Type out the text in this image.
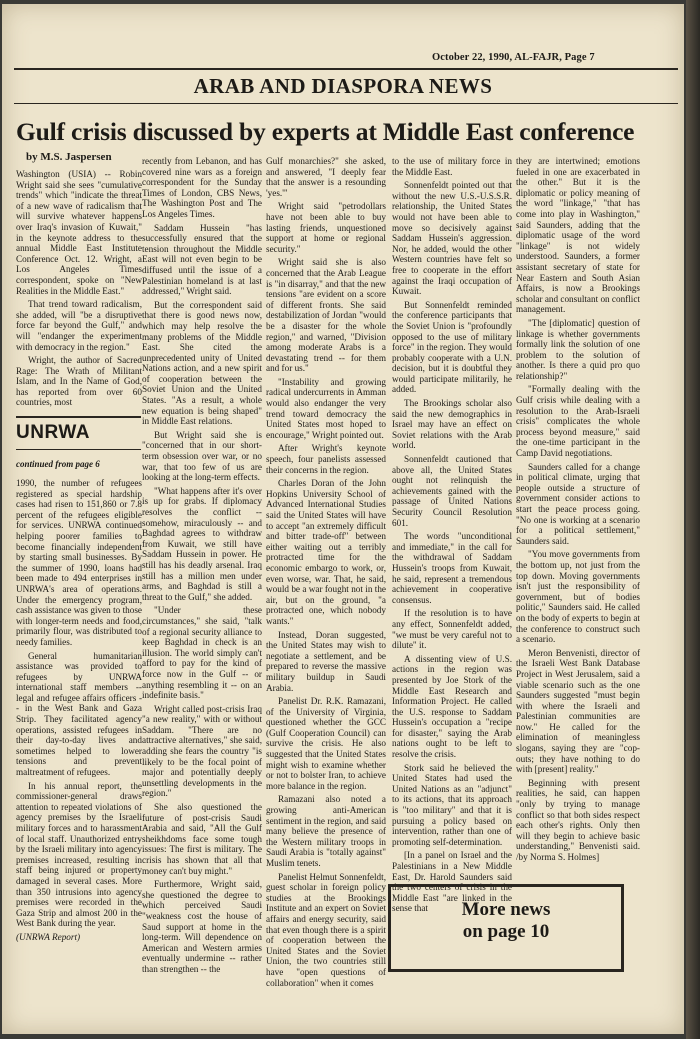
October 22, 1990, AL-FAJR, Page 7
ARAB AND DIASPORA NEWS
Gulf crisis discussed by experts at Middle East conference
by M.S. Jaspersen

Washington (USIA) -- Robin Wright said she sees "cumulative trends" which "indicate the threat of a new wave of radicalism that will survive whatever happens over Iraq's invasion of Kuwait," in the keynote address to the annual Middle East Institute Conference Oct. 12. Wright, a Los Angeles Times correspondent, spoke on "New Realities in the Middle East."

That trend toward radicalism, she added, will "be a disruptive force far beyond the Gulf," and will "endanger the experiment with democracy in the region."

Wright, the author of Sacred Rage: The Wrath of Militant Islam, and In the Name of God, has reported from over 60 countries, most

UNRWA
continued from page 6

1990, the number of refugees registered as special hardship cases had risen to 151,860 or 7.8 percent of the refugees eligible for services. UNRWA continued helping poorer families to become financially independent by starting small businesses. By the summer of 1990, loans had been made to 494 enterprises in UNRWA's area of operations. Under the emergency program, cash assistance was given to those with longer-term needs and food, primarily flour, was distributed to needy families.

General humanitarian assistance was provided to refugees by UNRWA international staff members -- legal and refugee affairs officers -- in the West Bank and Gaza Strip. They facilitated agency operations, assisted refugees in their day-to-day lives and sometimes helped to lower tensions and prevent maltreatment of refugees.

In his annual report, the commissioner-general draws attention to repeated violations of agency premises by the Israeli military forces and to harassment of local staff. Unauthorized entry by the Israeli military into agency premises increased, resulting in staff being injured or property damaged in several cases. More than 350 intrusions into agency premises were recorded in the Gaza Strip and almost 200 in the West Bank during the year.

(UNRWA Report)

recently from Lebanon, and has covered nine wars as a foreign correspondent for the Sunday Times of London, CBS News, The Washington Post and The Los Angeles Times.

Saddam Hussein "has successfully ensured that the tension throughout the Middle East will not even begin to be diffused until the issue of a Palestinian homeland is at last addressed," Wright said.

But the correspondent said that there is good news now, which may help resolve the many problems of the Middle East. She cited the unprecedented unity of United Nations action, and a new spirit of cooperation between the Soviet Union and the United States. "As a result, a whole new equation is being shaped" in Middle East relations.

But Wright said she is "concerned that in our short-term obsession over war, or no war, that too few of us are looking at the long-term effects.

"What happens after it's over is up for grabs. If diplomacy resolves the conflict -- somehow, miraculously -- and Baghdad agrees to withdraw from Kuwait, we still have Saddam Hussein in power. He still has his deadly arsenal. Iraq still has a million men under arms, and Baghdad is still a threat to the Gulf," she added.

"Under these circumstances," she said, "talk of a regional security alliance to keep Baghdad in check is an illusion. The world simply can't afford to pay for the kind of force now in the Gulf -- or anything resembling it -- on an indefinite basis."

Wright called post-crisis Iraq "a new reality," with or without Saddam. "There are no attractive alternatives," she said, adding she fears the country "is likely to be the focal point of major and potentially deeply unsettling developments in the region."

She also questioned the future of post-crisis Saudi Arabia and said, "All the Gulf sheikhdoms face some tough issues: The first is military. The crisis has shown that all that money can't buy might."

Furthermore, Wright said, she questioned the degree to which perceived Saudi "weakness cost the house of Saud support at home in the long-term. Will dependence on American and Western armies eventually undermine -- rather than strengthen -- the

Gulf monarchies?" she asked, and answered, "I deeply fear that the answer is a resounding 'yes.'"

Wright said "petrodollars have not been able to buy lasting friends, unquestioned support at home or regional security."

Wright said she is also concerned that the Arab League is "in disarray," and that the new tensions "are evident on a score of different fronts. She said destabilization of Jordan "would be a disaster for the whole region," and warned, "Division among moderate Arabs is a devastating trend -- for them and for us."

"Instability and growing radical undercurrents in Amman would also endanger the very trend toward democracy the United States most hoped to encourage," Wright pointed out.

After Wright's keynote speech, four panelists assessed their concerns in the region.

Charles Doran of the John Hopkins University School of Advanced International Studies said the United States will have to accept "an extremely difficult and bitter trade-off" between either waiting out a terribly protracted time for the economic embargo to work, or, even worse, war. That, he said, would be a war fought not in the air, but on the ground, "a protracted one, which nobody wants."

Instead, Doran suggested, the United States may wish to negotiate a settlement, and be prepared to reverse the massive military buildup in Saudi Arabia.

Panelist Dr. R.K. Ramazani, of the University of Virginia, questioned whether the GCC (Gulf Cooperation Council) can survive the crisis. He also suggested that the United States might wish to examine whether or not to bolster Iran, to achieve more balance in the region.

Ramazani also noted a growing anti-American sentiment in the region, and said many believe the presence of the Western military troops in Saudi Arabia is "totally against" Muslim tenets.

Panelist Helmut Sonnenfeldt, guest scholar in foreign policy studies at the Brookings Institute and an expert on Soviet affairs and energy security, said that even though there is a spirit of cooperation between the United States and the Soviet Union, the two countries still have "open questions of collaboration" when it comes

to the use of military force in the Middle East.

Sonnenfeldt pointed out that without the new U.S.-U.S.S.R. relationship, the United States would not have been able to move so decisively against Saddam Hussein's aggression. Nor, he added, would the other Western countries have felt so free to cooperate in the effort against the Iraqi occupation of Kuwait.

But Sonnenfeldt reminded the conference participants that the Soviet Union is "profoundly opposed to the use of military force" in the region. They would probably cooperate with a U.N. decision, but it is doubtful they would participate militarily, he added.

The Brookings scholar also said the new demographics in Israel may have an effect on Soviet relations with the Arab world.

Sonnenfeldt cautioned that above all, the United States ought not relinquish the achievements gained with the passage of United Nations Security Council Resolution 601.

The words "unconditional and immediate," in the call for the withdrawal of Saddam Hussein's troops from Kuwait, he said, represent a tremendous achievement in cooperative consensus.

If the resolution is to have any effect, Sonnenfeldt added, "we must be very careful not to dilute" it.

A dissenting view of U.S. actions in the region was presented by Joe Stork of the Middle East Research and Information Project. He called the U.S. response to Saddam Hussein's occupation a "recipe for disaster," saying the Arab nations ought to be left to resolve the crisis.

Stork said he believed the United States had used the United Nations as an "adjunct" to its actions, that its approach is "too military" and that it is pursuing a policy based on intervention, rather than one of promoting self-determination.

[In a panel on Israel and the Palestinians in a New Middle East, Dr. Harold Saunders said the two centers of crisis in the Middle East "are linked in the sense that

they are intertwined; emotions fueled in one are exacerbated in the other." But it is the diplomatic or policy meaning of the word "linkage," "that has come into play in Washington," said Saunders, adding that the diplomatic usage of the word "linkage" is not widely understood. Saunders, a former assistant secretary of state for Near Eastern and South Asian Affairs, is now a Brookings scholar and consultant on conflict management.

"The [diplomatic] question of linkage is whether governments formally link the solution of one problem to the solution of another. Is there a quid pro quo relationship?"

"Formally dealing with the Gulf crisis while dealing with a resolution to the Arab-Israeli crisis" complicates the whole process beyond measure," said the one-time participant in the Camp David negotiations.

Saunders called for a change in political climate, urging that people outside a structure of government consider actions to start the peace process going. "No one is working at a scenario for a political settlement," Saunders said.

"You move governments from the bottom up, not just from the top down. Moving governments isn't just the responsibility of government, but of bodies politic," Saunders said. He called on the body of experts to begin at the conference to construct such a scenario.

Meron Benvenisti, director of the Israeli West Bank Database Project in West Jerusalem, said a viable scenario such as the one Saunders suggested "must begin with where the Israeli and Palestinian communities are now." He called for the elimination of meaningless slogans, saying they are "cop-outs; they have nothing to do with [present] reality."

Beginning with present realities, he said, can happen "only by trying to manage conflict so that both sides respect each other's rights. Only then will they begin to achieve basic understanding," Benvenisti said. /by Norma S. Holmes]

More news
on page 10
